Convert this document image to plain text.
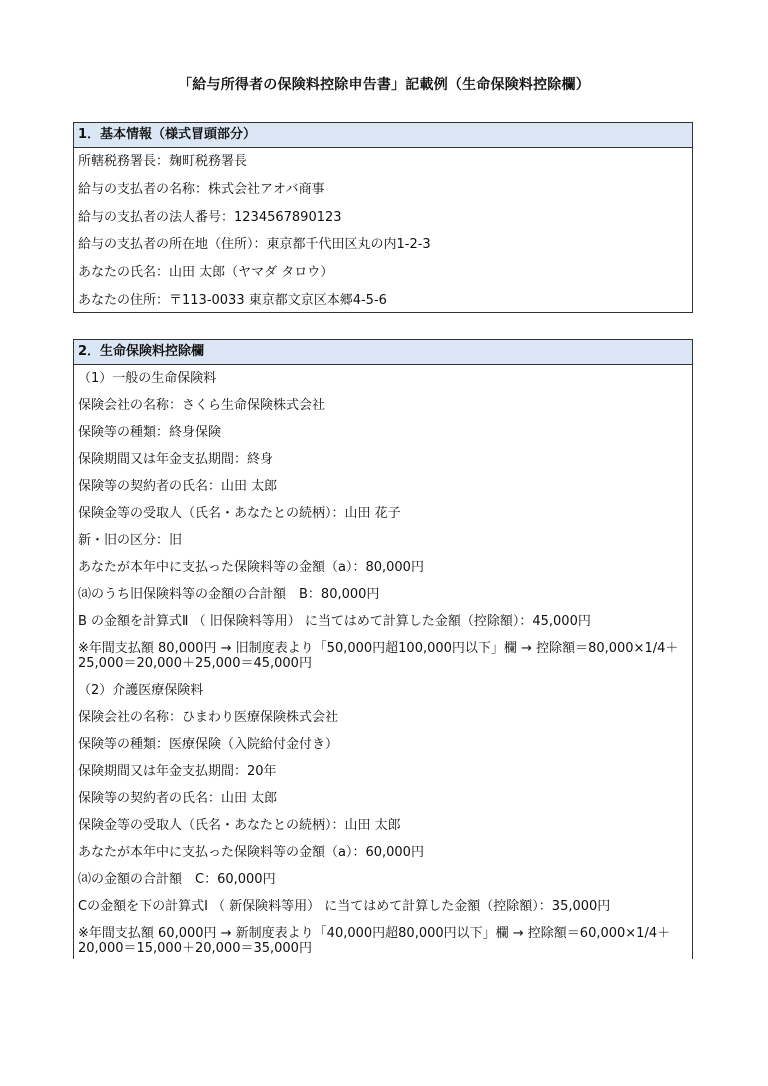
「給与所得者の保険料控除申告書」記載例（生命保険料控除欄）
1．基本情報（様式冒頭部分）
所轄税務署長：麹町税務署長
給与の支払者の名称：株式会社アオバ商事
給与の支払者の法人番号：1234567890123
給与の支払者の所在地（住所）：東京都千代田区丸の内1-2-3
あなたの氏名：山田 太郎（ヤマダ タロウ）
あなたの住所：〒113-0033 東京都文京区本郷4-5-6
2．生命保険料控除欄
（1）一般の生命保険料
保険会社の名称：さくら生命保険株式会社
保険等の種類：終身保険
保険期間又は年金支払期間：終身
保険等の契約者の氏名：山田 太郎
保険金等の受取人（氏名・あなたとの続柄）：山田 花子
新・旧の区分：旧
あなたが本年中に支払った保険料等の金額（a）：80,000円
⒜のうち旧保険料等の金額の合計額　B：80,000円
B の金額を計算式Ⅱ （ 旧保険料等用） に当てはめて計算した金額（控除額）：45,000円
※年間支払額 80,000円 → 旧制度表より「50,000円超100,000円以下」欄 → 控除額＝80,000×1/4＋25,000＝20,000＋25,000＝45,000円
（2）介護医療保険料
保険会社の名称：ひまわり医療保険株式会社
保険等の種類：医療保険（入院給付金付き）
保険期間又は年金支払期間：20年
保険等の契約者の氏名：山田 太郎
保険金等の受取人（氏名・あなたとの続柄）：山田 太郎
あなたが本年中に支払った保険料等の金額（a）：60,000円
⒜の金額の合計額　C：60,000円
Cの金額を下の計算式Ⅰ （ 新保険料等用） に当てはめて計算した金額（控除額）：35,000円
※年間支払額 60,000円 → 新制度表より「40,000円超80,000円以下」欄 → 控除額＝60,000×1/4＋20,000＝15,000＋20,000＝35,000円
